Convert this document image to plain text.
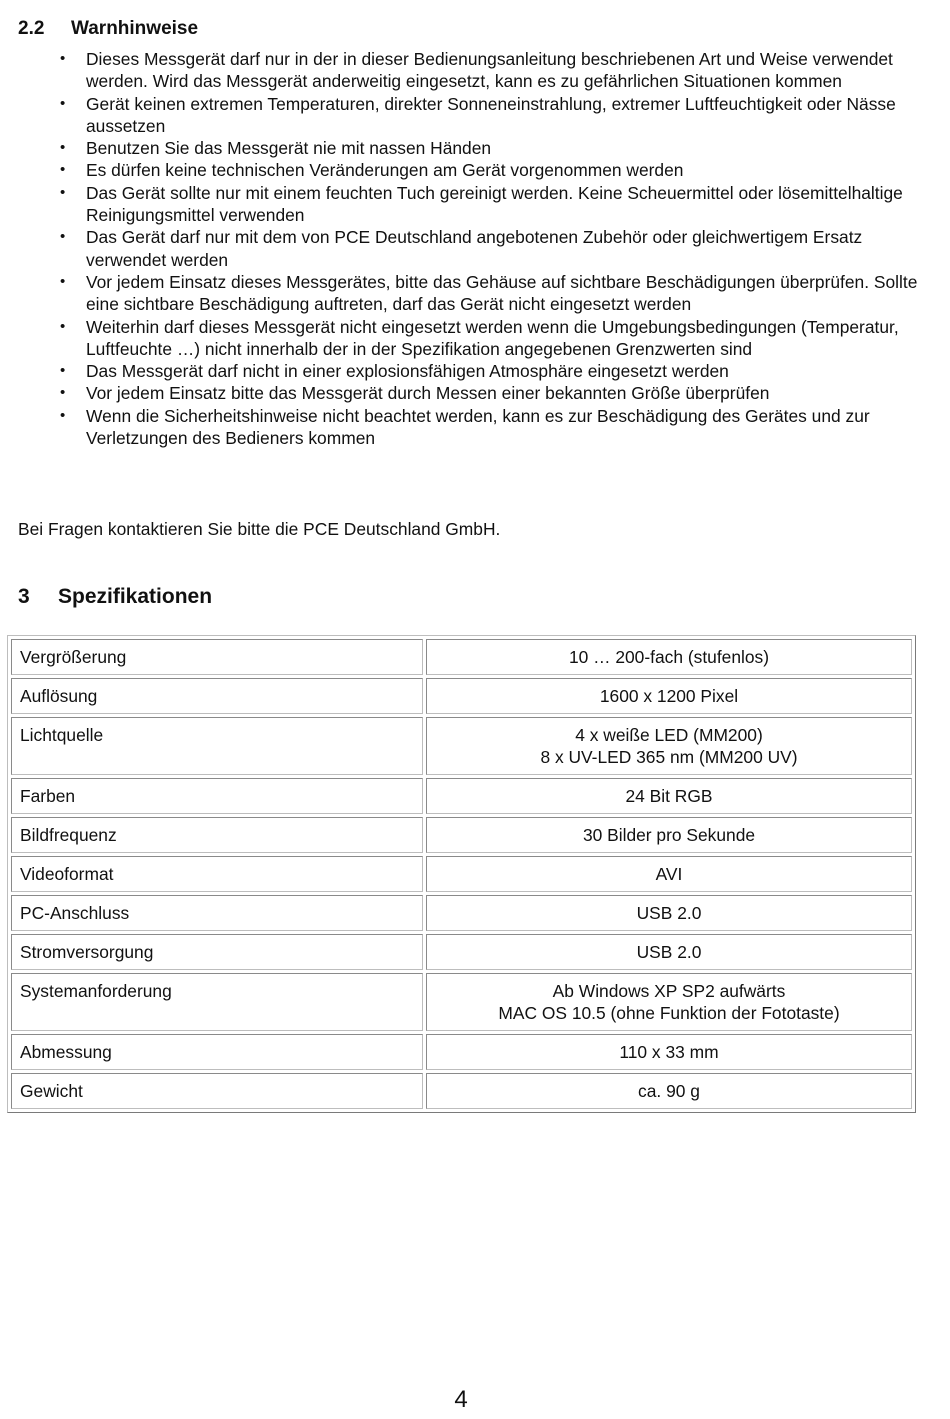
2.2 Warnhinweise
• Dieses Messgerät darf nur in der in dieser Bedienungsanleitung beschriebenen Art und Weise verwendet werden. Wird das Messgerät anderweitig eingesetzt, kann es zu gefährlichen Situationen kommen
• Gerät keinen extremen Temperaturen, direkter Sonneneinstrahlung, extremer Luftfeuchtigkeit oder Nässe aussetzen
• Benutzen Sie das Messgerät nie mit nassen Händen
• Es dürfen keine technischen Veränderungen am Gerät vorgenommen werden
• Das Gerät sollte nur mit einem feuchten Tuch gereinigt werden. Keine Scheuermittel oder lösemittelhaltige Reinigungsmittel verwenden
• Das Gerät darf nur mit dem von PCE Deutschland angebotenen Zubehör oder gleichwertigem Ersatz verwendet werden
• Vor jedem Einsatz dieses Messgerätes, bitte das Gehäuse auf sichtbare Beschädigungen überprüfen. Sollte eine sichtbare Beschädigung auftreten, darf das Gerät nicht eingesetzt werden
• Weiterhin darf dieses Messgerät nicht eingesetzt werden wenn die Umgebungsbedingungen (Temperatur, Luftfeuchte …) nicht innerhalb der in der Spezifikation angegebenen Grenzwerten sind
• Das Messgerät darf nicht in einer explosionsfähigen Atmosphäre eingesetzt werden
• Vor jedem Einsatz bitte das Messgerät durch Messen einer bekannten Größe überprüfen
• Wenn die Sicherheitshinweise nicht beachtet werden, kann es zur Beschädigung des Gerätes und zur Verletzungen des Bedieners kommen
Bei Fragen kontaktieren Sie bitte die PCE Deutschland GmbH.
3 Spezifikationen
Vergrößerung	10 … 200-fach (stufenlos)

Auflösung	1600 x 1200 Pixel

Lichtquelle	4 x weiße LED (MM200)
8 x UV-LED 365 nm (MM200 UV)

Farben	24 Bit RGB

Bildfrequenz	30 Bilder pro Sekunde

Videoformat	AVI

PC-Anschluss	USB 2.0

Stromversorgung	USB 2.0

Systemanforderung	Ab Windows XP SP2 aufwärts
MAC OS 10.5 (ohne Funktion der Fototaste)

Abmessung	110 x 33 mm

Gewicht	ca. 90 g
4
